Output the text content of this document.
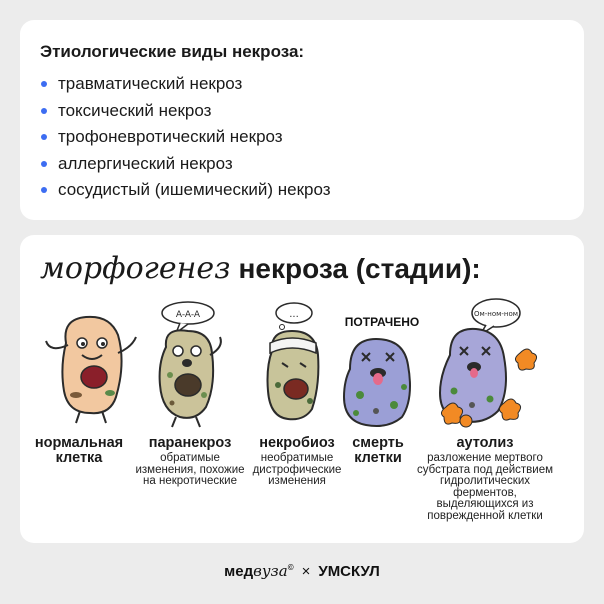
Этиологические виды некроза:
травматический некроз
токсический некроз
трофоневротический некроз
аллергический некроз
сосудистый (ишемический) некроз
морфогенез некроза (стадии):
A-A-A	...
ПОТРАЧЕНО
Ом-ном-ном
нормальная клетка
паранекроз
обратимые изменения, похожие на некротические
некробиоз
необратимые дистрофические изменения
смерть клетки
аутолиз
разложение мертвого субстрата под действием гидролитических ферментов, выделяющихся из поврежденной клетки
медвуза© × УМСКУЛ
